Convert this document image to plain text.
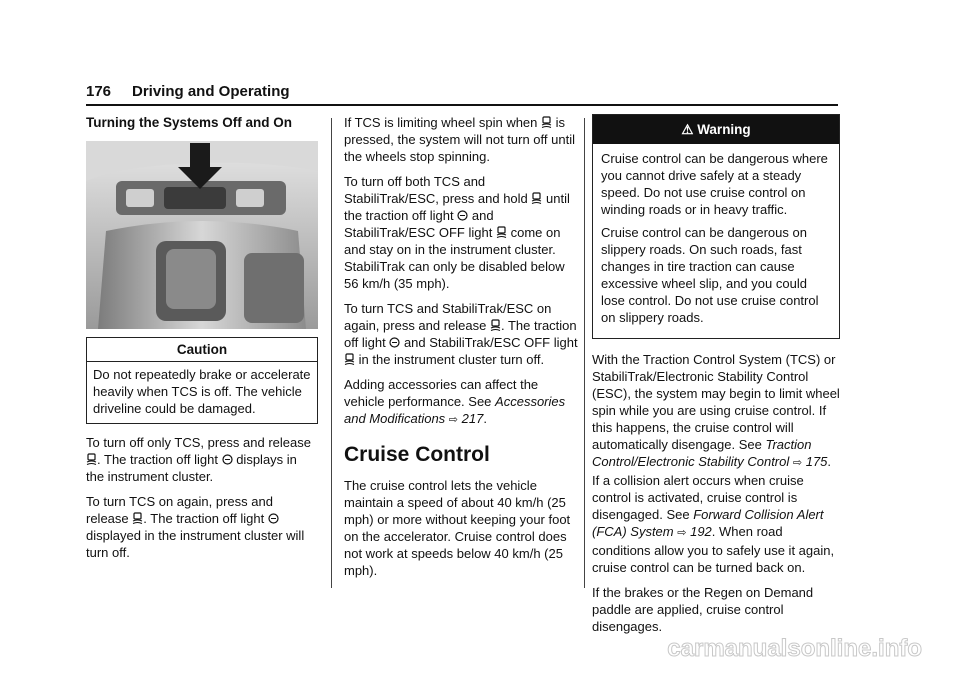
176 Driving and Operating
Turning the Systems Off and On
Caution
Do not repeatedly brake or accelerate heavily when TCS is off. The vehicle driveline could be damaged.

To turn off only TCS, press and release . The traction off light displays in the instrument cluster.

To turn TCS on again, press and release . The traction off light  displayed in the instrument cluster will turn off.

If TCS is limiting wheel spin when is pressed, the system will not turn off until the wheels stop spinning.

To turn off both TCS and StabiliTrak/ESC, press and hold until the traction off light and StabiliTrak/ESC OFF light come on and stay on in the instrument cluster. StabiliTrak can only be disabled below 56 km/h (35 mph).

To turn TCS and StabiliTrak/ESC on again, press and release . The traction off light and StabiliTrak/ESC OFF light  in the instrument cluster turn off.

Adding accessories can affect the vehicle performance. See Accessories and Modifications ⇨ 217.

Cruise Control

The cruise control lets the vehicle maintain a speed of about 40 km/h (25 mph) or more without keeping your foot on the accelerator. Cruise control does not work at speeds below 40 km/h (25 mph).

⚠ Warning

Cruise control can be dangerous where you cannot drive safely at a steady speed. Do not use cruise control on winding roads or in heavy traffic.

Cruise control can be dangerous on slippery roads. On such roads, fast changes in tire traction can cause excessive wheel slip, and you could lose control. Do not use cruise control on slippery roads.

With the Traction Control System (TCS) or StabiliTrak/Electronic Stability Control (ESC), the system may begin to limit wheel spin while you are using cruise control. If this happens, the cruise control will automatically disengage. See Traction Control/Electronic Stability Control ⇨ 175. If a collision alert occurs when cruise control is activated, cruise control is disengaged. See Forward Collision Alert (FCA) System ⇨ 192. When road conditions allow you to safely use it again, cruise control can be turned back on.

If the brakes or the Regen on Demand paddle are applied, cruise control disengages.

carmanualsonline.info
